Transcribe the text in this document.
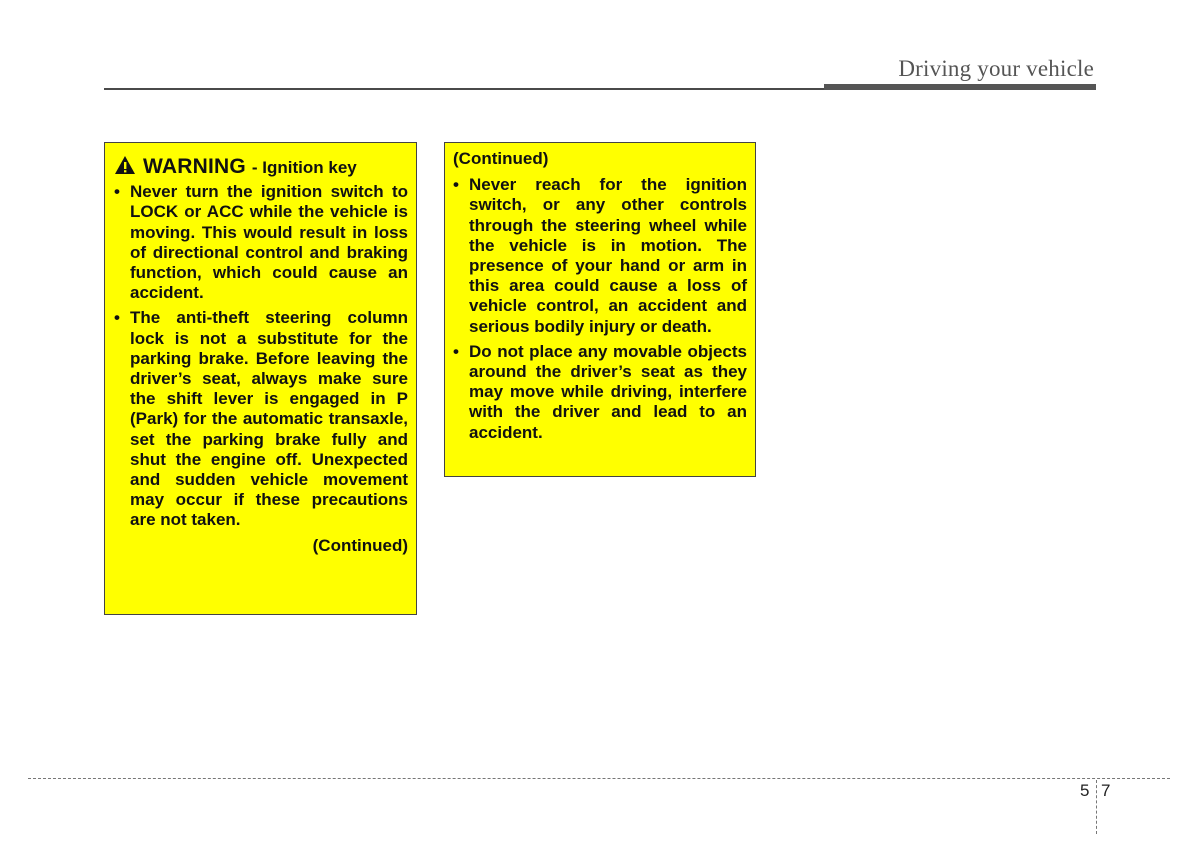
Driving your vehicle
WARNING - Ignition key
• Never turn the ignition switch to LOCK or ACC while the vehicle is moving. This would result in loss of directional control and braking function, which could cause an accident.
• The anti-theft steering column lock is not a substitute for the parking brake. Before leaving the driver’s seat, always make sure the shift lever is engaged in P (Park) for the automatic transaxle, set the parking brake fully and shut the engine off. Unexpected and sudden vehicle movement may occur if these precautions are not taken.
(Continued)
(Continued)
• Never reach for the ignition switch, or any other controls through the steering wheel while the vehicle is in motion. The presence of your hand or arm in this area could cause a loss of vehicle control, an accident and serious bodily injury or death.
• Do not place any movable objects around the driver’s seat as they may move while driving, interfere with the driver and lead to an accident.
5 7
